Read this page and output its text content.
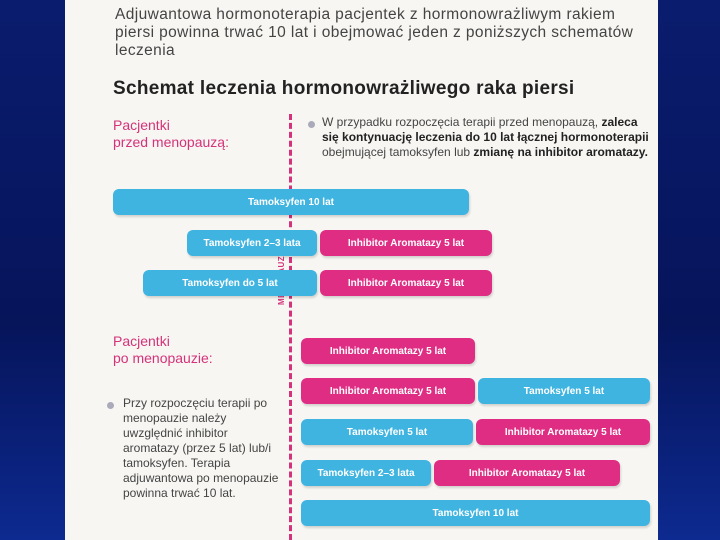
Adjuwantowa hormonoterapia pacjentek z hormonowrażliwym rakiem piersi powinna trwać 10 lat i obejmować jeden z poniższych schematów leczenia
Schemat leczenia hormonowrażliwego raka piersi
Pacjentki
przed menopauzą:
W przypadku rozpoczęcia terapii przed menopauzą, zaleca się kontynuację leczenia do 10 lat łącznej hormonoterapii obejmującej tamoksyfen lub zmianę na inhibitor aromatazy.
Tamoksyfen 10 lat
Tamoksyfen 2–3 lata	Inhibitor Aromatazy 5 lat
Tamoksyfen do 5 lat	Inhibitor Aromatazy 5 lat
Pacjentki
po menopauzie:
Przy rozpoczęciu terapii po menopauzie należy uwzględnić inhibitor aromatazy (przez 5 lat) lub/i tamoksyfen. Terapia adjuwantowa po menopauzie powinna trwać 10 lat.
Inhibitor Aromatazy 5 lat
Inhibitor Aromatazy 5 lat	Tamoksyfen 5 lat
Tamoksyfen 5 lat	Inhibitor Aromatazy 5 lat
Tamoksyfen 2–3 lata	Inhibitor Aromatazy 5 lat
Tamoksyfen 10 lat
